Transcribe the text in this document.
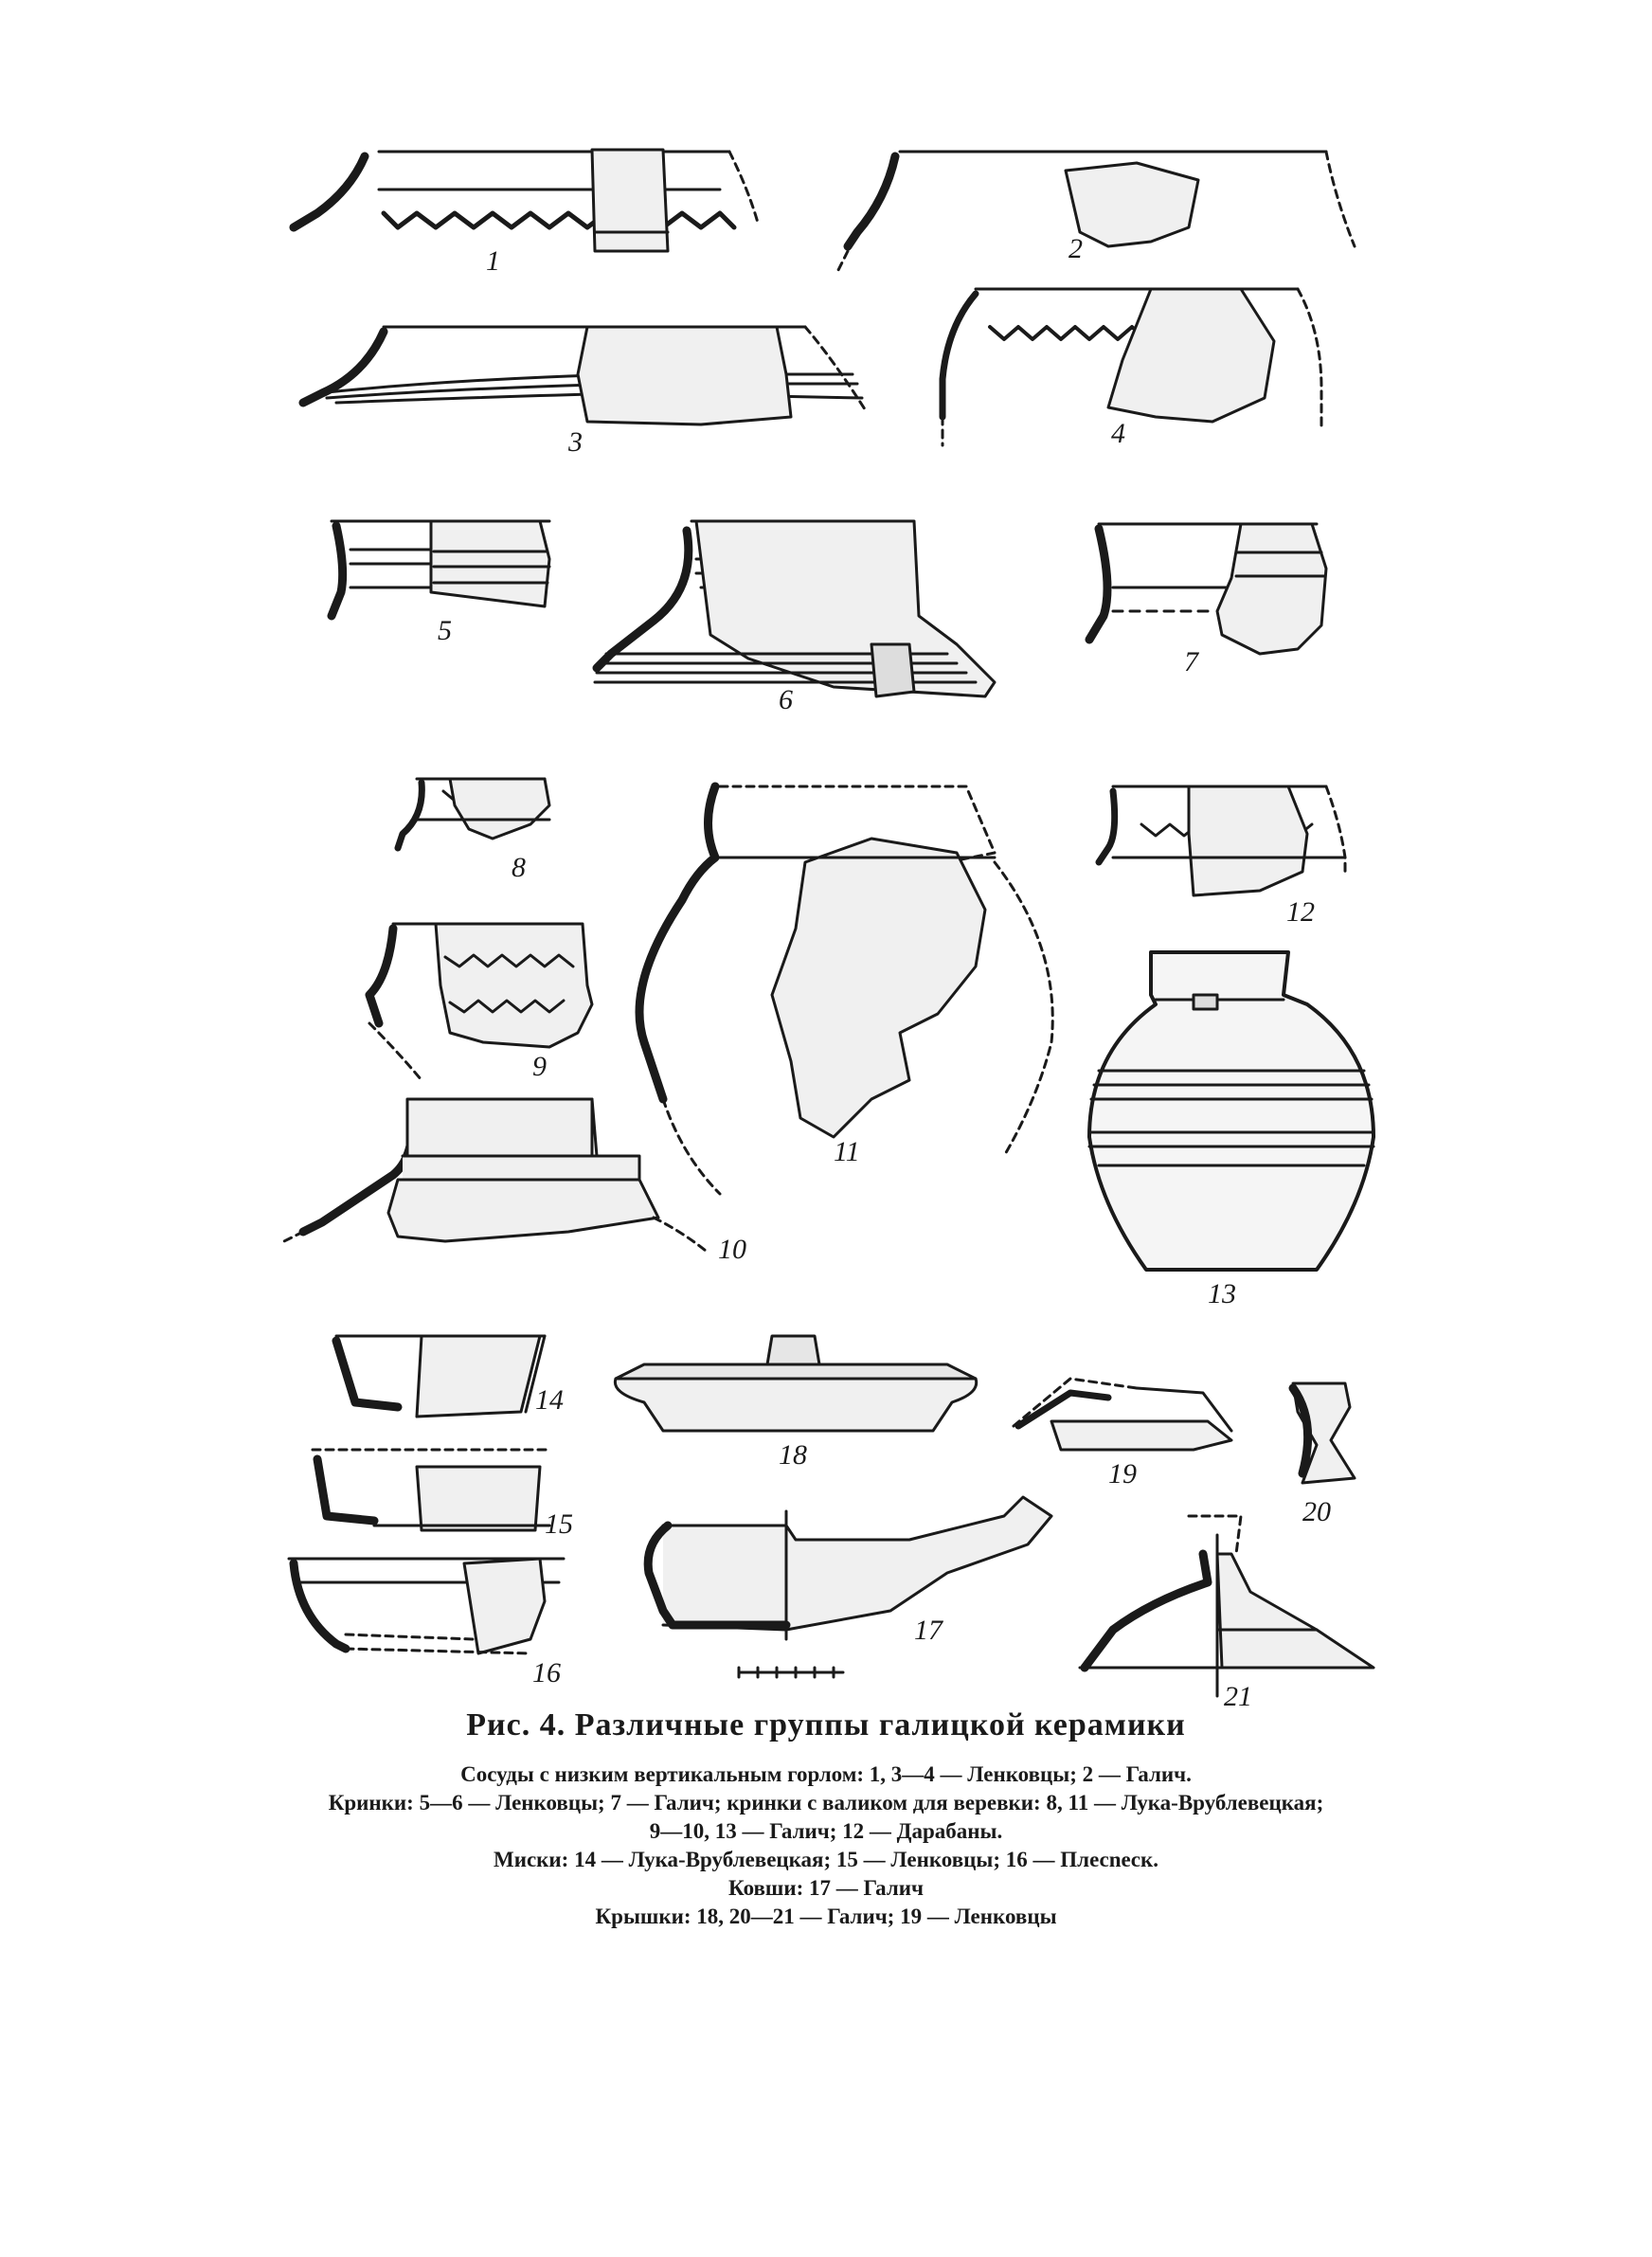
1	2
3	4
5
6
7
8
9
10
11
12
13
14
15
16
17
18
19
20
21
Рис. 4. Различные группы галицкой керамики
Сосуды с низким вертикальным горлом: 1, 3—4 — Ленковцы; 2 — Галич.
Кринки: 5—6 — Ленковцы; 7 — Галич; кринки с валиком для веревки: 8, 11 — Лука-Врублевецкая;
9—10, 13 — Галич; 12 — Дарабаны.
Миски: 14 — Лука-Врублевецкая; 15 — Ленковцы; 16 — Плесneск.
Ковши: 17 — Галич
Крышки: 18, 20—21 — Галич; 19 — Ленковцы
